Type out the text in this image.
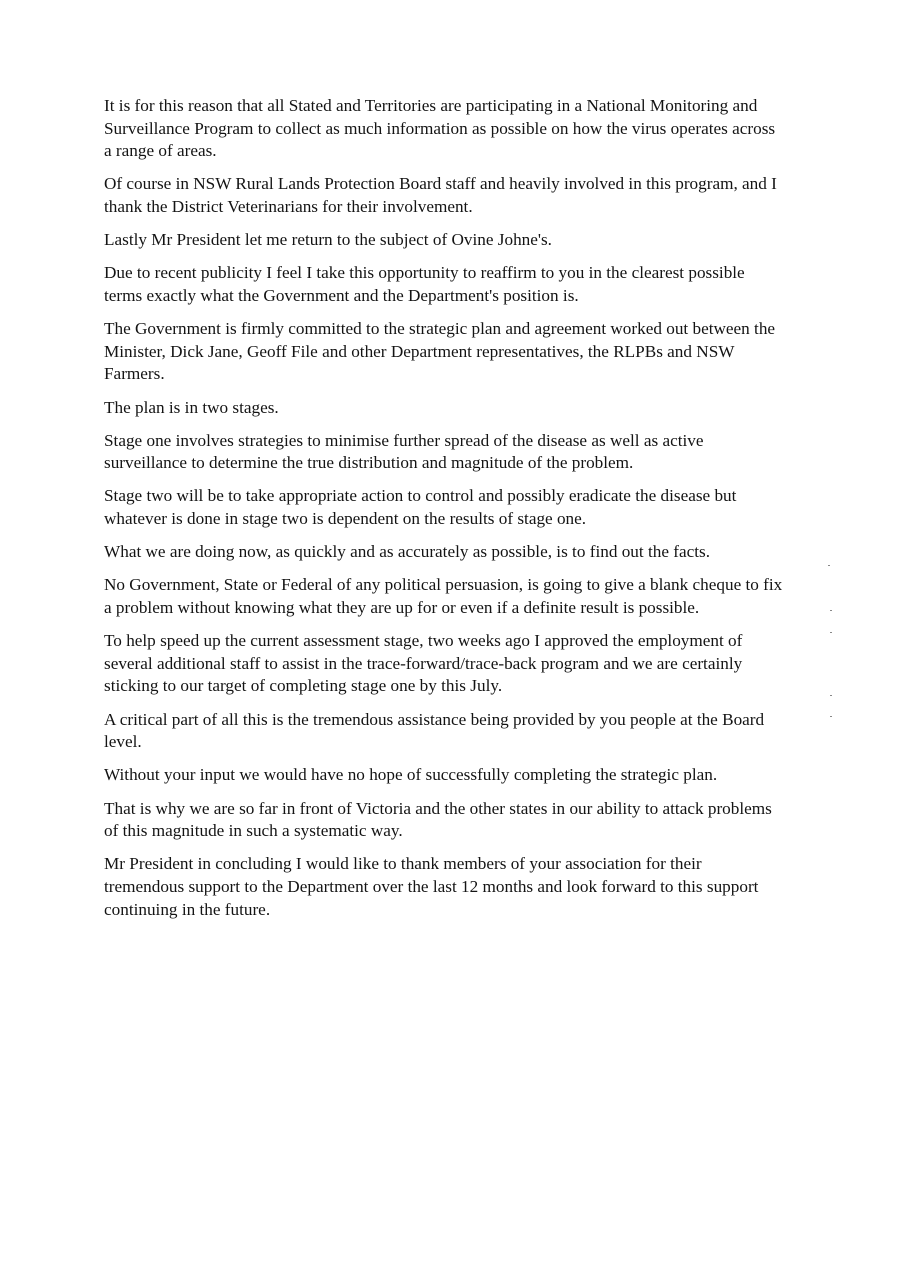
It is for this reason that all Stated and Territories are participating in a National Monitoring and Surveillance Program to collect as much information as possible on how the virus operates across a range of areas.

Of course in NSW Rural Lands Protection Board staff and heavily involved in this program, and I thank the District Veterinarians for their involvement.

Lastly Mr President let me return to the subject of Ovine Johne's.

Due to recent publicity I feel I take this opportunity to reaffirm to you in the clearest possible terms exactly what the Government and the Department's position is.

The Government is firmly committed to the strategic plan and agreement worked out between the Minister, Dick Jane, Geoff File and other Department representatives, the RLPBs and NSW Farmers.

The plan is in two stages.

Stage one involves strategies to minimise further spread of the disease as well as active surveillance to determine the true distribution and magnitude of the problem.

Stage two will be to take appropriate action to control and possibly eradicate the disease but whatever is done in stage two is dependent on the results of stage one.

What we are doing now, as quickly and as accurately as possible, is to find out the facts.

No Government, State or Federal of any political persuasion, is going to give a blank cheque to fix a problem without knowing what they are up for or even if a definite result is possible.

To help speed up the current assessment stage, two weeks ago I approved the employment of several additional staff to assist in the trace-forward/trace-back program and we are certainly sticking to our target of completing stage one by this July.

A critical part of all this is the tremendous assistance being provided by you people at the Board level.

Without your input we would have no hope of successfully completing the strategic plan.

That is why we are so far in front of Victoria and the other states in our ability to attack problems of this magnitude in such a systematic way.

Mr President in concluding I would like to thank members of your association for their tremendous support to the Department over the last 12 months and look forward to this support continuing in the future.
